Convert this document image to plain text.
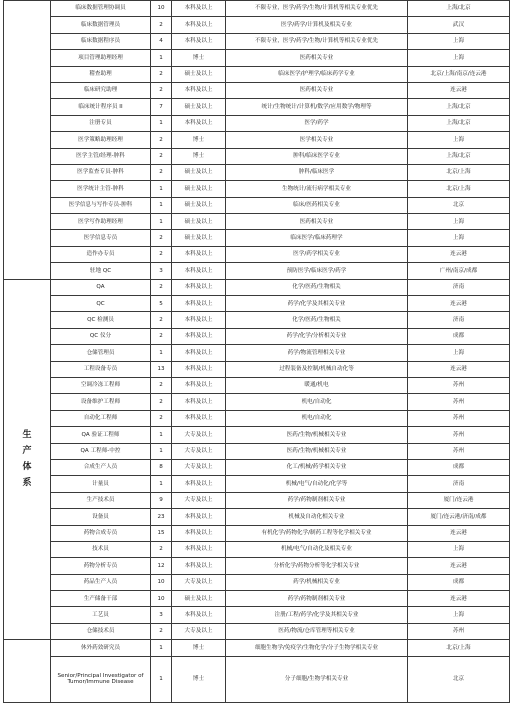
	临床数据管理协调员	10	本科及以上	不限专业，医学/药学/生物/计算机等相关专业优先	上海/北京
	临床数据管理员	2	本科及以上	医学/药学/计算机及相关专业	武汉
	临床数据程序员	4	本科及以上	不限专业，医学/药学/生物/计算机等相关专业优先	上海
	项目管理助理经理	1	博士	医药相关专业	上海
	稽查助理	2	硕士及以上	临床医学/护理学/临床药学专业	北京/上海/南京/连云港
	临床研究助理	2	本科及以上	医药相关专业	连云港
	临床统计程序员 II	7	硕士及以上	统计/生物统计/计算机/数学/应用数学/物理等	上海/北京
	注册专员	1	本科及以上	医学/药学	上海/北京
	医学策略助理经理	2	博士	医学相关专业	上海
	医学主管/经理-肿科	2	博士	肿科/临床医学专业	上海/北京
	医学监查专员-肿科	2	硕士及以上	肿科/临床医学	北京/上海
	医学统计主管-肿科	1	硕士及以上	生物统计/流行病学相关专业	北京/上海
	医学信息与写作专员-肿科	1	硕士及以上	临床/医药相关专业	北京
	医学写作助理经理	1	硕士及以上	医药相关专业	上海
	医学信息专员	2	硕士及以上	临床医学/临床药理学	上海
	造作办专员	2	本科及以上	医学/药学相关专业	连云港
	驻地 QC	3	本科及以上	预防医学/临床医学/药学	广州/南京/成都
生产体系	QA	2	本科及以上	化学/医药/生物相关	济南
	QC	5	本科及以上	药学/化学及其相关专业	连云港
	QC 检测员	2	本科及以上	化学/医药/生物相关	济南
	QC 仪分	2	本科及以上	药学/化学/分析相关专业	成都
	仓储管理员	1	本科及以上	药学/物流管理相关专业	上海
	工程设备专员	13	本科及以上	过程装备及控制/机械自动化等	连云港
	空调冷冻工程师	2	本科及以上	暖通/机电	苏州
	设备维护工程师	2	本科及以上	机电/自动化	苏州
	自动化工程师	2	本科及以上	机电/自动化	苏州
	QA 验证工程师	1	大专及以上	医药/生物/机械相关专业	苏州
	QA 工程师-中控	1	大专及以上	医药/生物/机械相关专业	苏州
	合成生产人员	8	大专及以上	化工/机械/药学相关专业	成都
	计量员	1	本科及以上	机械/电气/自动化/化学等	济南
	生产技术员	9	大专及以上	药学/药物制剂相关专业	厦门/连云港
	设备员	23	本科及以上	机械及自动化相关专业	厦门/连云港/济南/成都
	药物合成专员	15	本科及以上	有机化学/药物化学/制药工程等化学相关专业	连云港
	技术员	2	本科及以上	机械/电气/自动化及相关专业	上海
	药物分析专员	12	本科及以上	分析化学/药物分析等化学相关专业	连云港
	药品生产人员	10	大专及以上	药学/机械相关专业	成都
	生产储备干部	10	硕士及以上	药学/药物制剂相关专业	连云港
	工艺员	3	本科及以上	注册/工程/药学/化学及其相关专业	上海
	仓储技术员	2	大专及以上	医药/物流/仓库管理等相关专业	苏州
	休外药效研究员	1	博士	细胞生物学/免疫学/生物化学/分子生物学相关专业	北京/上海
	Senior/Principal Investigator of Tumor/Immune Disease	1	博士	分子细胞/生物学相关专业	北京
